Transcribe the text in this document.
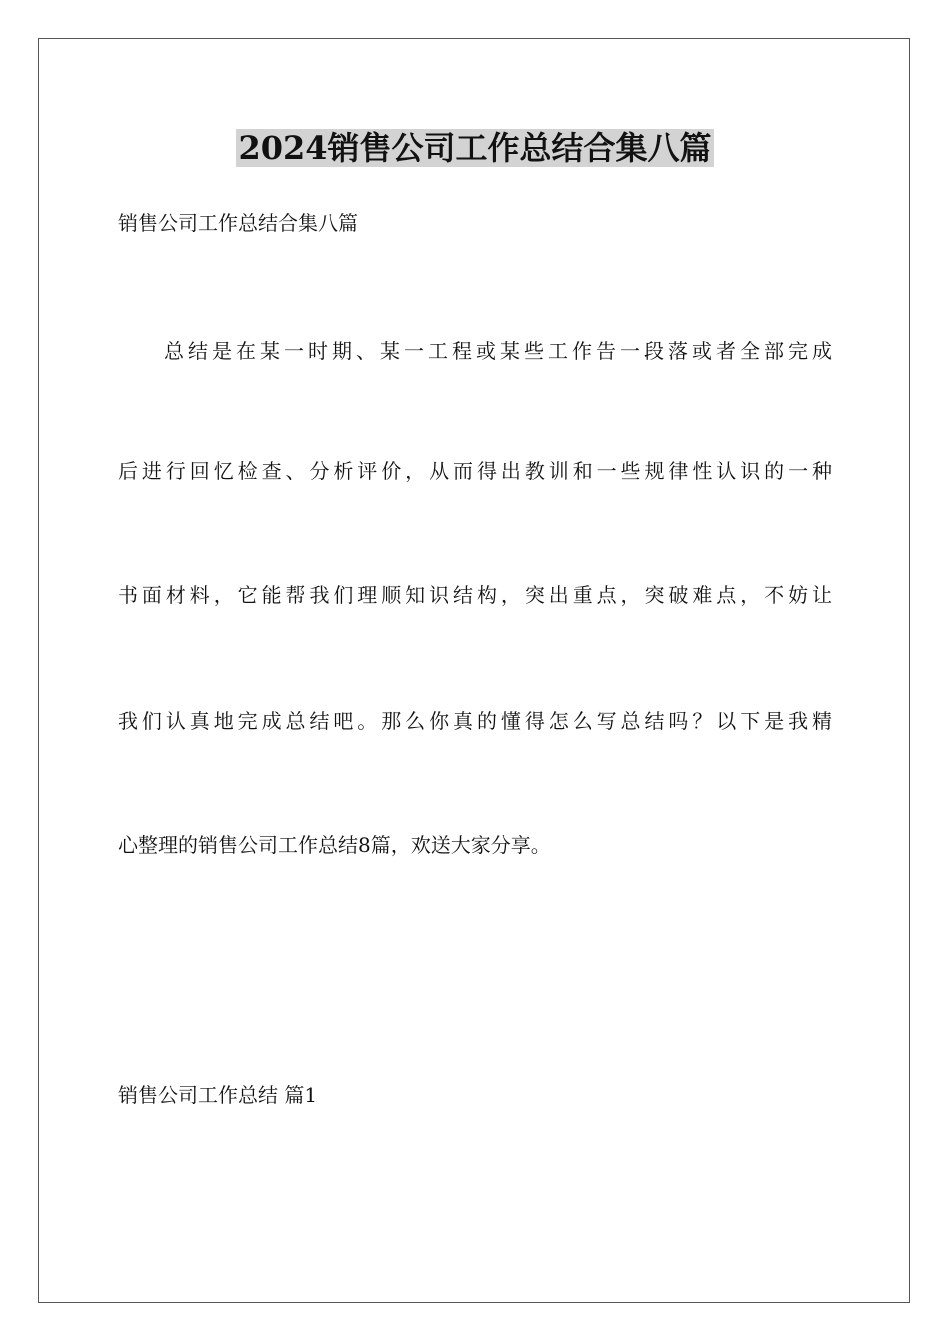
2024销售公司工作总结合集八篇
销售公司工作总结合集八篇
总结是在某一时期、某一工程或某些工作告一段落或者全部完成
后进行回忆检查、分析评价，从而得出教训和一些规律性认识的一种
书面材料，它能帮我们理顺知识结构，突出重点，突破难点，不妨让
我们认真地完成总结吧。那么你真的懂得怎么写总结吗？以下是我精
心整理的销售公司工作总结8篇，欢送大家分享。
销售公司工作总结 篇1
